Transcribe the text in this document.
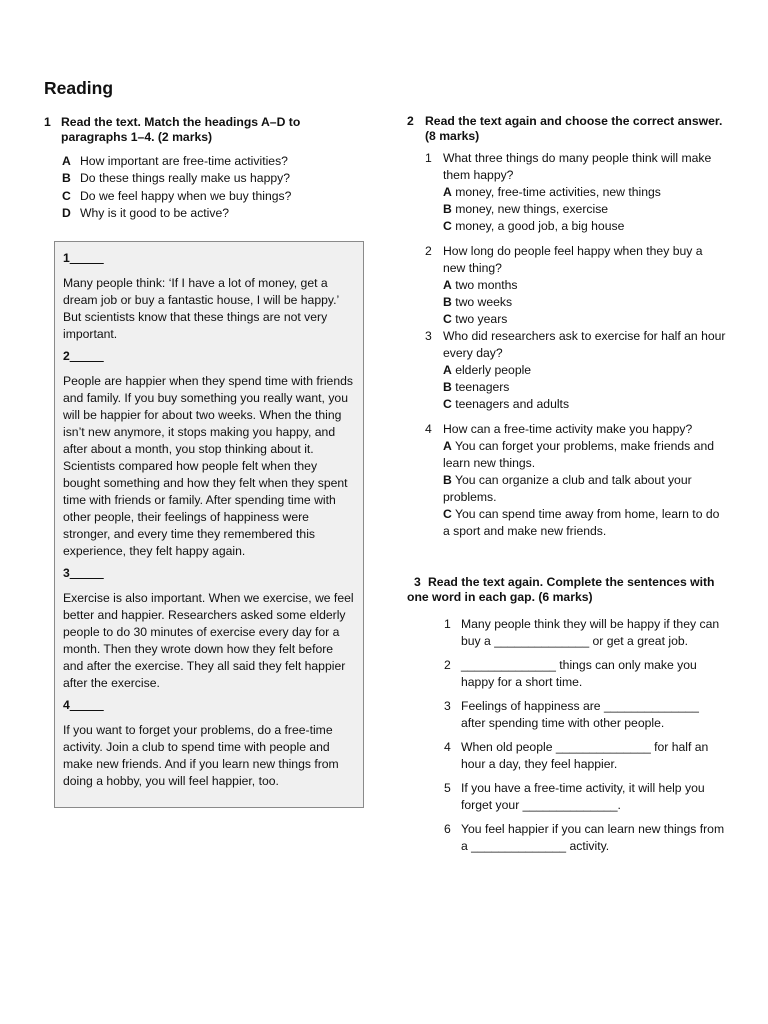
Reading
1 Read the text. Match the headings A–D to paragraphs 1–4. (2 marks)
A How important are free-time activities?
B Do these things really make us happy?
C Do we feel happy when we buy things?
D Why is it good to be active?
1_____
Many people think: ‘If I have a lot of money, get a dream job or buy a fantastic house, I will be happy.’ But scientists know that these things are not very important.
2_____
People are happier when they spend time with friends and family. If you buy something you really want, you will be happier for about two weeks. When the thing isn’t new anymore, it stops making you happy, and after about a month, you stop thinking about it. Scientists compared how people felt when they bought something and how they felt when they spent time with friends or family. After spending time with other people, their feelings of happiness were stronger, and every time they remembered this experience, they felt happy again.
3_____
Exercise is also important. When we exercise, we feel better and happier. Researchers asked some elderly people to do 30 minutes of exercise every day for a month. Then they wrote down how they felt before and after the exercise. They all said they felt happier after the exercise.
4_____
If you want to forget your problems, do a free-time activity. Join a club to spend time with people and make new friends. And if you learn new things from doing a hobby, you will feel happier, too.
2 Read the text again and choose the correct answer. (8 marks)
1 What three things do many people think will make them happy?
A money, free-time activities, new things
B money, new things, exercise
C money, a good job, a big house
2 How long do people feel happy when they buy a new thing?
A two months
B two weeks
C two years
3 Who did researchers ask to exercise for half an hour every day?
A elderly people
B teenagers
C teenagers and adults
4 How can a free-time activity make you happy?
A You can forget your problems, make friends and learn new things.
B You can organize a club and talk about your problems.
C You can spend time away from home, learn to do a sport and make new friends.
3 Read the text again. Complete the sentences with one word in each gap. (6 marks)
1 Many people think they will be happy if they can buy a ______________ or get a great job.
2 ______________ things can only make you happy for a short time.
3 Feelings of happiness are ______________ after spending time with other people.
4 When old people ______________ for half an hour a day, they feel happier.
5 If you have a free-time activity, it will help you forget your ______________.
6 You feel happier if you can learn new things from a ______________ activity.
